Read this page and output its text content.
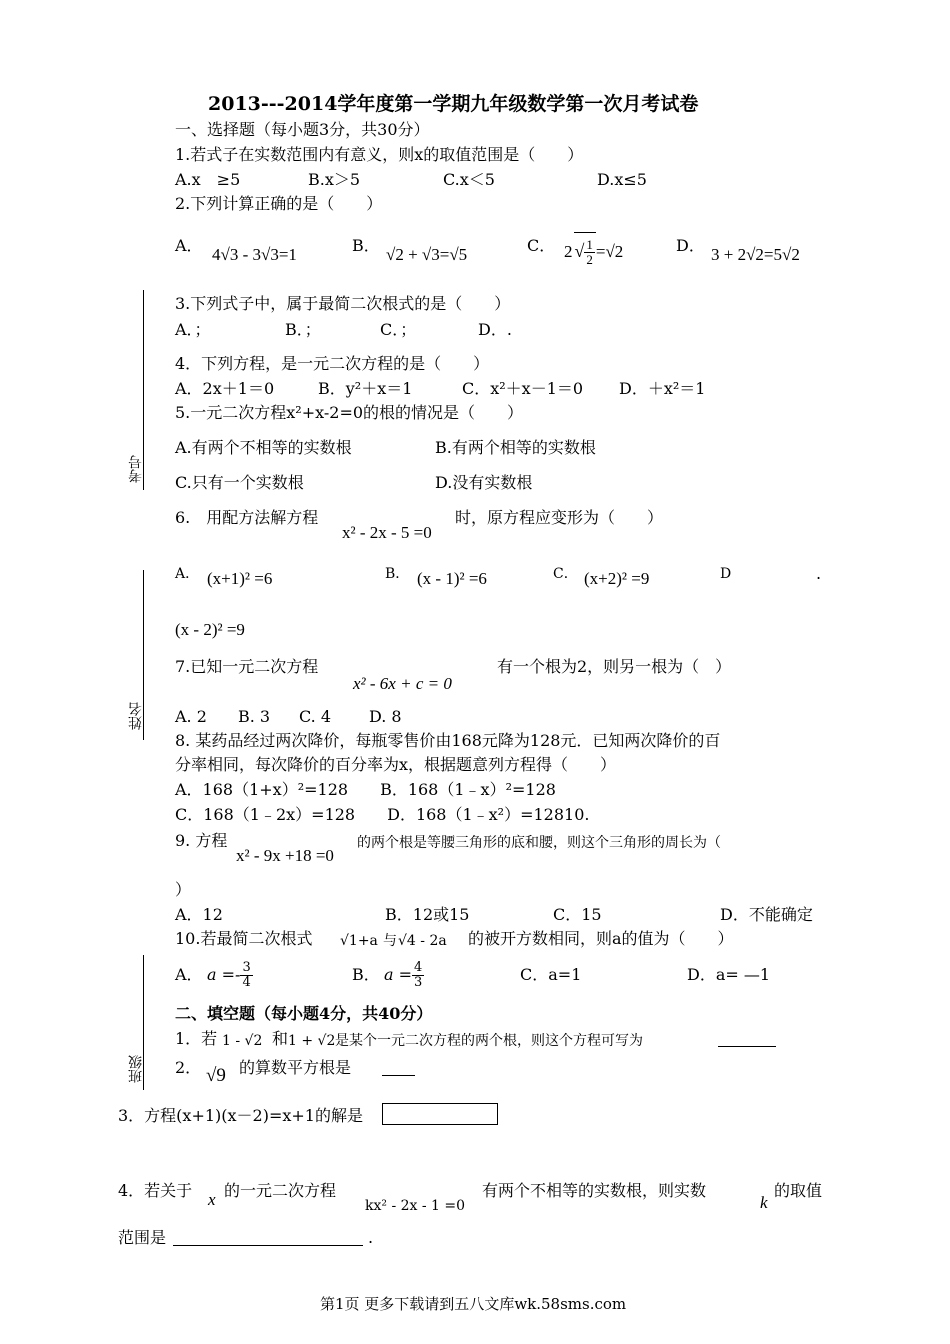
考号
姓名
班级
2013---2014学年度第一学期九年级数学第一次月考试卷
一、选择题（每小题3分，共30分）
1.若式子在实数范围内有意义，则x的取值范围是（　　）
A.x　≥5	B.x＞5	C.x＜5	D.x≤5
2.下列计算正确的是（　　）
A． 4√3 - 3√3=1	B． √2 + √3=√5	C． 2 √ $\frac{1}{2} =√2$	D． 3 + 2√2=5√2
3.下列式子中，属于最简二次根式的是（　　）
A．；	B．；	C．；	D．.
4．下列方程，是一元二次方程的是（　　）
A．2x＋1＝0	B．y²＋x＝1	C．x²＋x－1＝0 D．＋x²＝1
5.一元二次方程x²+x-2=0的根的情况是（　　）
A.有两个不相等的实数根	B.有两个相等的实数根
C.只有一个实数根	D.没有实数根
6.　用配方法解方程
x² - 2x - 5 =0
时，原方程应变形为（　　）
A． (x+1)² =6	B． (x - 1)² =6	C． (x+2)² =9	D	.
(x - 2)² =9
7.已知一元二次方程
x² - 6x + c = 0
有一个根为2，则另一根为（　）
A. 2 B. 3 C. 4 D. 8
8. 某药品经过两次降价，每瓶零售价由168元降为128元．已知两次降价的百
分率相同，每次降价的百分率为x，根据题意列方程得（　　）
A．168（1+x）²=128　　B．168（1﹣x）²=128
C．168（1﹣2x）=128　　D．168（1﹣x²）=12810.
9. 方程
x² - 9x +18 =0
的两个根是等腰三角形的底和腰，则这个三角形的周长为（
）
A．12	B．12或15	C．15	D．不能确定
10.若最简二次根式 √1+a 与 √4 - 2a 的被开方数相同，则a的值为（　　）
A． $a =- \frac{3}{4}$	B． $a = \frac{4}{3}$	C．a=1	D．a= —1
二、填空题（每小题4分，共40分）
1．若 1 - √2 和 1 + √2 是某个一元二次方程的两个根，则这个方程可写为
2． √9 的算数平方根是
3．方程(x+1)(x－2)=x+1的解是
4．若关于 x 的一元二次方程
kx² - 2x - 1 =0
有两个不相等的实数根，则实数
k
的取值
范围是	.
第1页 更多下载请到五八文库wk.58sms.com
